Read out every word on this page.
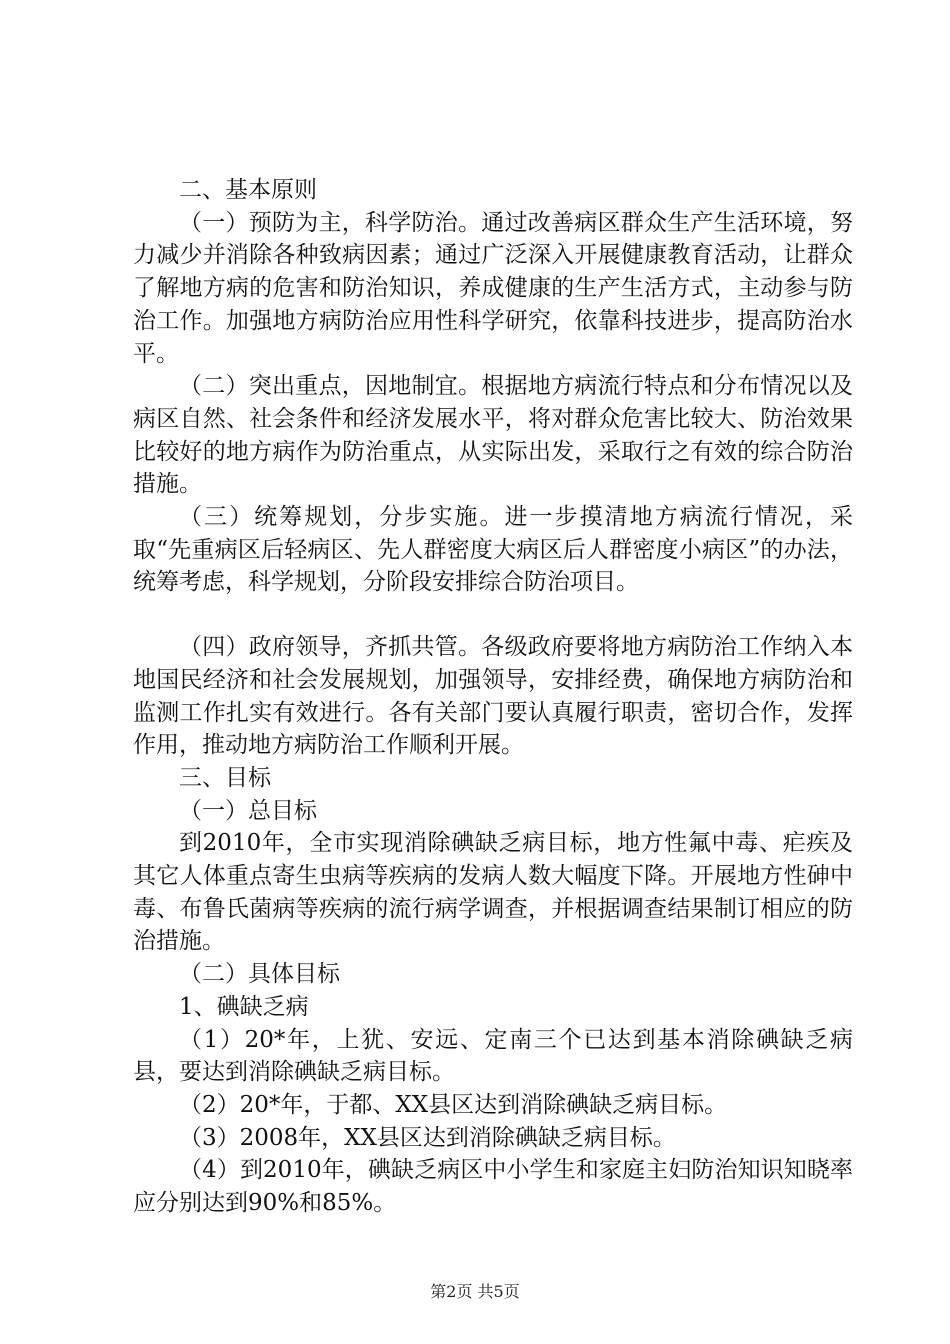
二、基本原则

（一）预防为主，科学防治。通过改善病区群众生产生活环境，努力减少并消除各种致病因素；通过广泛深入开展健康教育活动，让群众了解地方病的危害和防治知识，养成健康的生产生活方式，主动参与防治工作。加强地方病防治应用性科学研究，依靠科技进步，提高防治水平。

（二）突出重点，因地制宜。根据地方病流行特点和分布情况以及病区自然、社会条件和经济发展水平，将对群众危害比较大、防治效果比较好的地方病作为防治重点，从实际出发，采取行之有效的综合防治措施。

（三）统筹规划，分步实施。进一步摸清地方病流行情况，采取“先重病区后轻病区、先人群密度大病区后人群密度小病区”的办法，统筹考虑，科学规划，分阶段安排综合防治项目。

（四）政府领导，齐抓共管。各级政府要将地方病防治工作纳入本地国民经济和社会发展规划，加强领导，安排经费，确保地方病防治和监测工作扎实有效进行。各有关部门要认真履行职责，密切合作，发挥作用，推动地方病防治工作顺利开展。

三、目标

（一）总目标

到2010年，全市实现消除碘缺乏病目标，地方性氟中毒、疟疾及其它人体重点寄生虫病等疾病的发病人数大幅度下降。开展地方性砷中毒、布鲁氏菌病等疾病的流行病学调查，并根据调查结果制订相应的防治措施。

（二）具体目标

1、碘缺乏病

（1）20*年，上犹、安远、定南三个已达到基本消除碘缺乏病县，要达到消除碘缺乏病目标。

（2）20*年，于都、XX县区达到消除碘缺乏病目标。

（3）2008年，XX县区达到消除碘缺乏病目标。

（4）到2010年，碘缺乏病区中小学生和家庭主妇防治知识知晓率应分别达到90%和85%。

第2页 共5页
